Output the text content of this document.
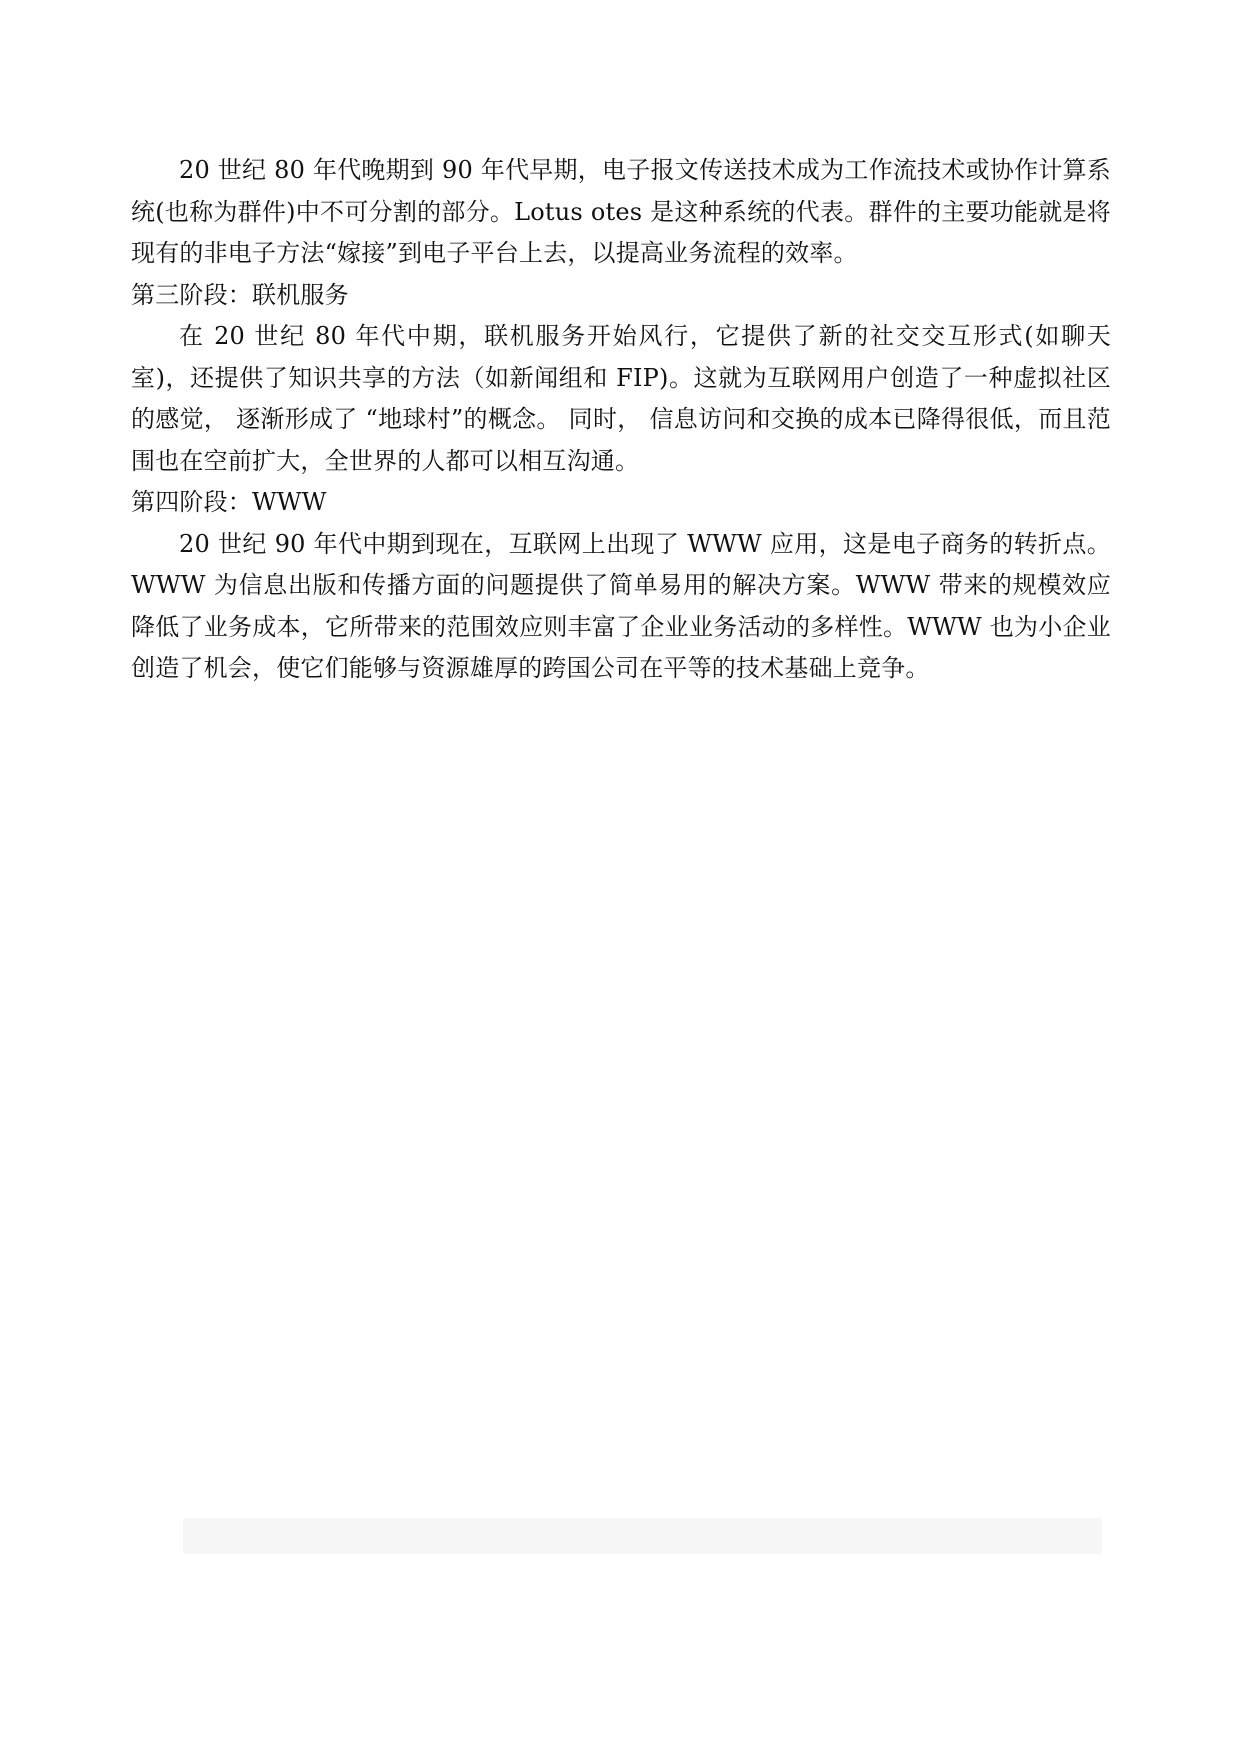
20 世纪 80 年代晚期到 90 年代早期，电子报文传送技术成为工作流技术或协作计算系统(也称为群件)中不可分割的部分。Lotus otes 是这种系统的代表。群件的主要功能就是将现有的非电子方法“嫁接”到电子平台上去，以提高业务流程的效率。

第三阶段：联机服务

在 20 世纪 80 年代中期，联机服务开始风行，它提供了新的社交交互形式(如聊天室)，还提供了知识共享的方法（如新闻组和 FIP)。这就为互联网用户创造了一种虚拟社区的感觉， 逐渐形成了 “地球村”的概念。 同时， 信息访问和交换的成本已降得很低，而且范围也在空前扩大，全世界的人都可以相互沟通。

第四阶段：WWW

20 世纪 90 年代中期到现在，互联网上出现了 WWW 应用，这是电子商务的转折点。WWW 为信息出版和传播方面的问题提供了简单易用的解决方案。WWW 带来的规模效应降低了业务成本，它所带来的范围效应则丰富了企业业务活动的多样性。WWW 也为小企业创造了机会，使它们能够与资源雄厚的跨国公司在平等的技术基础上竞争。
